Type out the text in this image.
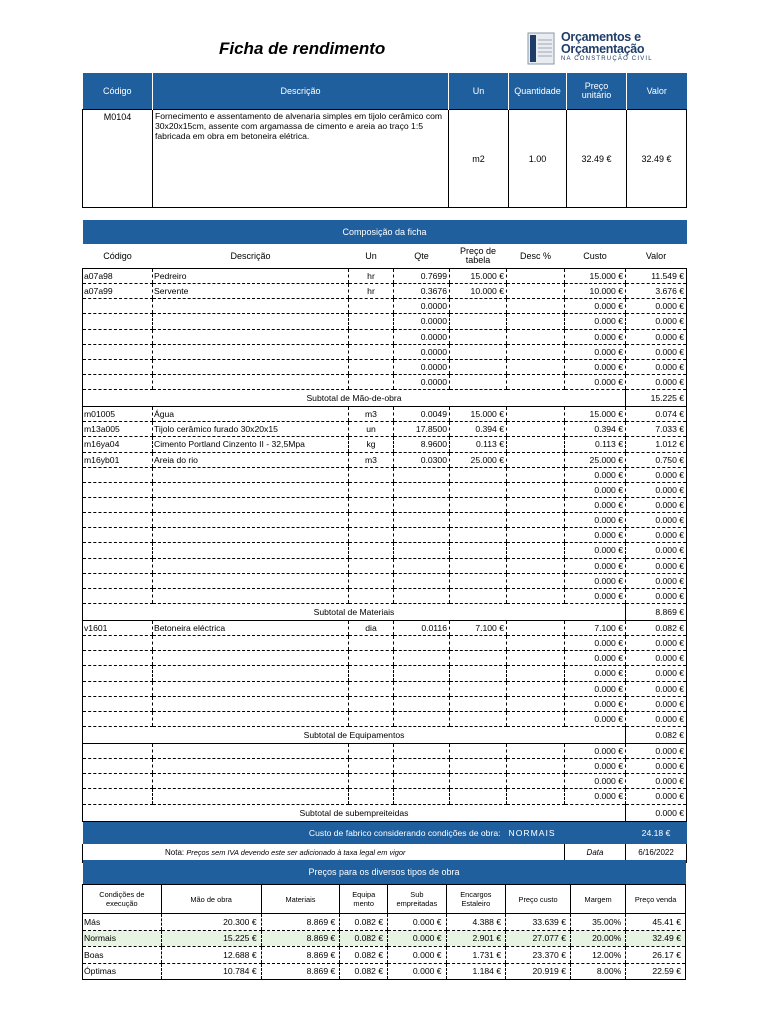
Ficha de rendimento
Orçamentos e
Orçamentação
NA CONSTRUÇÃO CIVIL
Código	Descrição	Un	Quantidade	Preço unitário	Valor
M0104	Fornecimento e assentamento de alvenaria simples em tijolo cerâmico com 30x20x15cm, assente com argamassa de cimento e areia ao traço 1:5 fabricada em obra em betoneira elétrica.	m2	1.00	32.49 €	32.49 €
Composição da ficha							
Código	Descrição	Un	Qte	Preço de tabela	Desc %	Custo	Valor
a07a98	Pedreiro	hr	0.7699	15.000 €		15.000 €	11.549 €
a07a99	Servente	hr	0.3676	10.000 €		10.000 €	3.676 €
			0.0000			0.000 €	0.000 €
			0.0000			0.000 €	0.000 €
			0.0000			0.000 €	0.000 €
			0.0000			0.000 €	0.000 €
			0.0000			0.000 €	0.000 €
			0.0000			0.000 €	0.000 €
Subtotal de Mão-de-obra							15.225 €
m01005	Água	m3	0.0049	15.000 €		15.000 €	0.074 €
m13a005	Tijolo cerâmico furado 30x20x15	un	17.8500	0.394 €		0.394 €	7.033 €
m16ya04	Cimento Portland Cinzento II - 32,5Mpa	kg	8.9600	0.113 €		0.113 €	1.012 €
m16yb01	Areia do rio	m3	0.0300	25.000 €		25.000 €	0.750 €
						0.000 €	0.000 €
						0.000 €	0.000 €
						0.000 €	0.000 €
						0.000 €	0.000 €
						0.000 €	0.000 €
						0.000 €	0.000 €
						0.000 €	0.000 €
						0.000 €	0.000 €
						0.000 €	0.000 €
Subtotal de Materiais							8.869 €
v1601	Betoneira eléctrica	dia	0.0116	7.100 €		7.100 €	0.082 €
						0.000 €	0.000 €
						0.000 €	0.000 €
						0.000 €	0.000 €
						0.000 €	0.000 €
						0.000 €	0.000 €
						0.000 €	0.000 €
Subtotal de Equipamentos							0.082 €
						0.000 €	0.000 €
						0.000 €	0.000 €
						0.000 €	0.000 €
						0.000 €	0.000 €
Subtotal de subempreiteidas							0.000 €
Custo de fabrico considerando condições de obra:					NORMAIS		24.18 €
Nota: Preços sem IVA devendo este ser adicionado à taxa legal em vigor						Data	6/16/2022
Preços para os diversos tipos de obra								
Condições de execução	Mão de obra	Materiais	Equipa mento	Sub empreitadas	Encargos Estaleiro	Preço custo	Margem	Preço venda
Más	20.300 €	8.869 €	0.082 €	0.000 €	4.388 €	33.639 €	35.00%	45.41 €
Normais	15.225 €	8.869 €	0.082 €	0.000 €	2.901 €	27.077 €	20.00%	32.49 €
Boas	12.688 €	8.869 €	0.082 €	0.000 €	1.731 €	23.370 €	12.00%	26.17 €
Óptimas	10.784 €	8.869 €	0.082 €	0.000 €	1.184 €	20.919 €	8.00%	22.59 €
